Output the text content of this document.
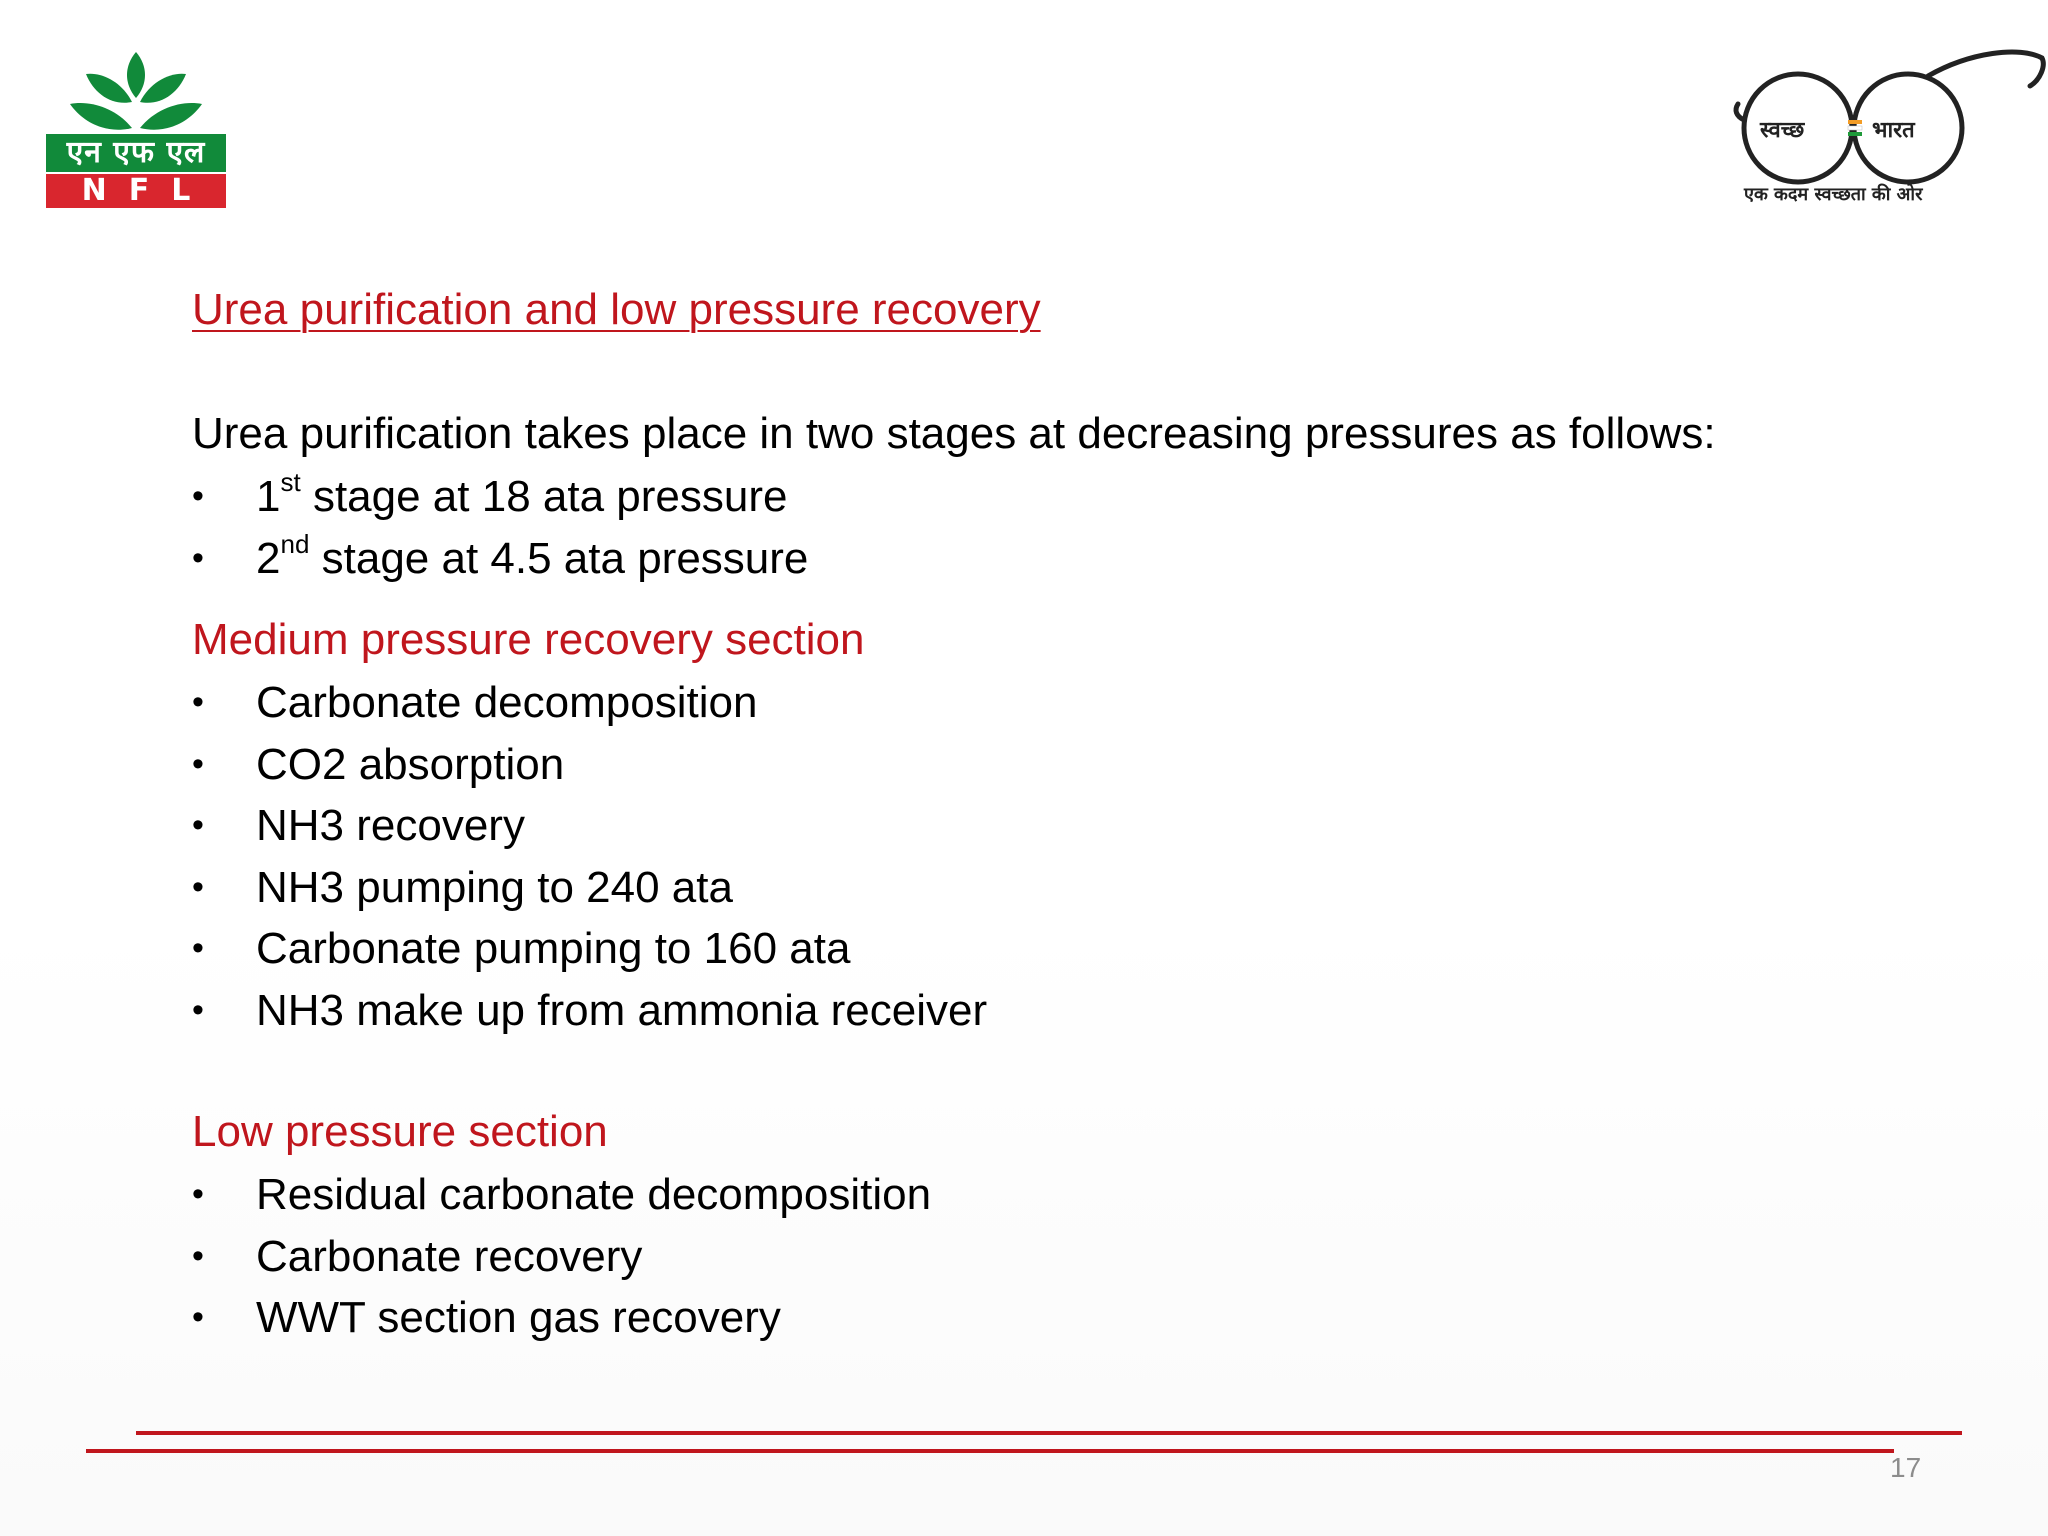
एन एफ एल
NFL
स्वच्छ	भारत
एक कदम स्वच्छता की ओर
Urea purification and low pressure recovery
Urea purification takes place in two stages at decreasing pressures as follows:
• 1st stage at 18 ata pressure
• 2nd stage at 4.5 ata pressure
Medium pressure recovery section
• Carbonate decomposition
• CO2 absorption
• NH3 recovery
• NH3 pumping to 240 ata
• Carbonate pumping to 160 ata
• NH3 make up from ammonia receiver
Low pressure section
• Residual carbonate decomposition
• Carbonate recovery
• WWT section gas recovery
17
